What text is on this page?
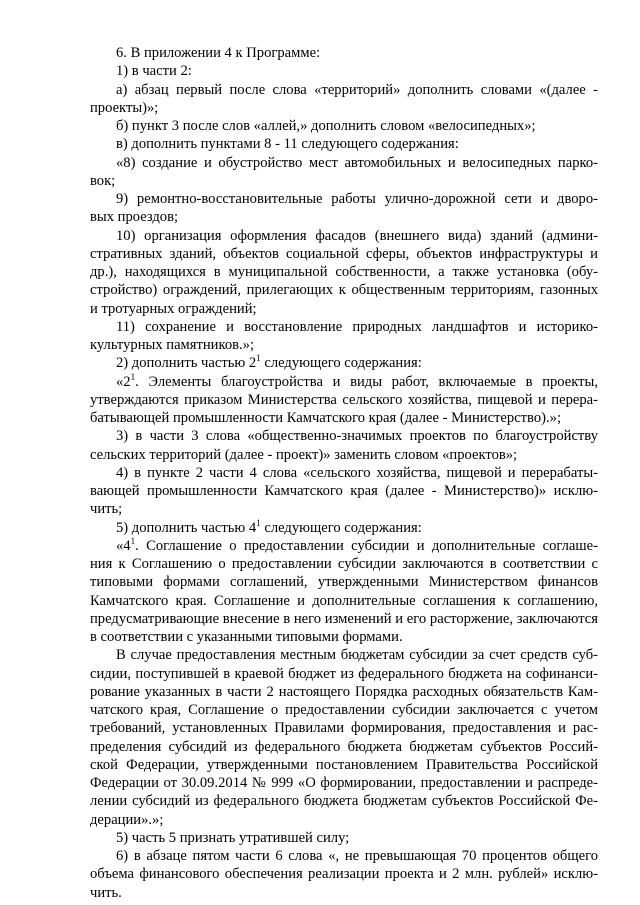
6. В приложении 4 к Программе:
1) в части 2:
а) абзац первый после слова «территорий» дополнить словами «(далее -
проекты)»;
б) пункт 3 после слов «аллей,» дополнить словом «велосипедных»;
в) дополнить пунктами 8 - 11 следующего содержания:
«8) создание и обустройство мест автомобильных и велосипедных парко-
вок;
9) ремонтно-восстановительные работы улично-дорожной сети и дворо-
вых проездов;
10) организация оформления фасадов (внешнего вида) зданий (админи-
стративных зданий, объектов социальной сферы, объектов инфраструктуры и
др.), находящихся в муниципальной собственности, а также установка (обу-
стройство) ограждений, прилегающих к общественным территориям, газонных
и тротуарных ограждений;
11) сохранение и восстановление природных ландшафтов и историко-
культурных памятников.»;
2) дополнить частью $2^1$ следующего содержания:
«$2^1$. Элементы благоустройства и виды работ, включаемые в проекты,
утверждаются приказом Министерства сельского хозяйства, пищевой и перера-
батывающей промышленности Камчатского края (далее - Министерство).»;
3) в части 3 слова «общественно-значимых проектов по благоустройству
сельских территорий (далее - проект)» заменить словом «проектов»;
4) в пункте 2 части 4 слова «сельского хозяйства, пищевой и перерабаты-
вающей промышленности Камчатского края (далее - Министерство)» исклю-
чить;
5) дополнить частью $4^1$ следующего содержания:
«$4^1$. Соглашение о предоставлении субсидии и дополнительные соглаше-
ния к Соглашению о предоставлении субсидии заключаются в соответствии с
типовыми формами соглашений, утвержденными Министерством финансов
Камчатского края. Соглашение и дополнительные соглашения к соглашению,
предусматривающие внесение в него изменений и его расторжение, заключаются
в соответствии с указанными типовыми формами.
В случае предоставления местным бюджетам субсидии за счет средств суб-
сидии, поступившей в краевой бюджет из федерального бюджета на софинанси-
рование указанных в части 2 настоящего Порядка расходных обязательств Кам-
чатского края, Соглашение о предоставлении субсидии заключается с учетом
требований, установленных Правилами формирования, предоставления и рас-
пределения субсидий из федерального бюджета бюджетам субъектов Россий-
ской Федерации, утвержденными постановлением Правительства Российской
Федерации от 30.09.2014 № 999 «О формировании, предоставлении и распреде-
лении субсидий из федерального бюджета бюджетам субъектов Российской Фе-
дерации».»;
5) часть 5 признать утратившей силу;
6) в абзаце пятом части 6 слова «, не превышающая 70 процентов общего
объема финансового обеспечения реализации проекта и 2 млн. рублей» исклю-
чить.
